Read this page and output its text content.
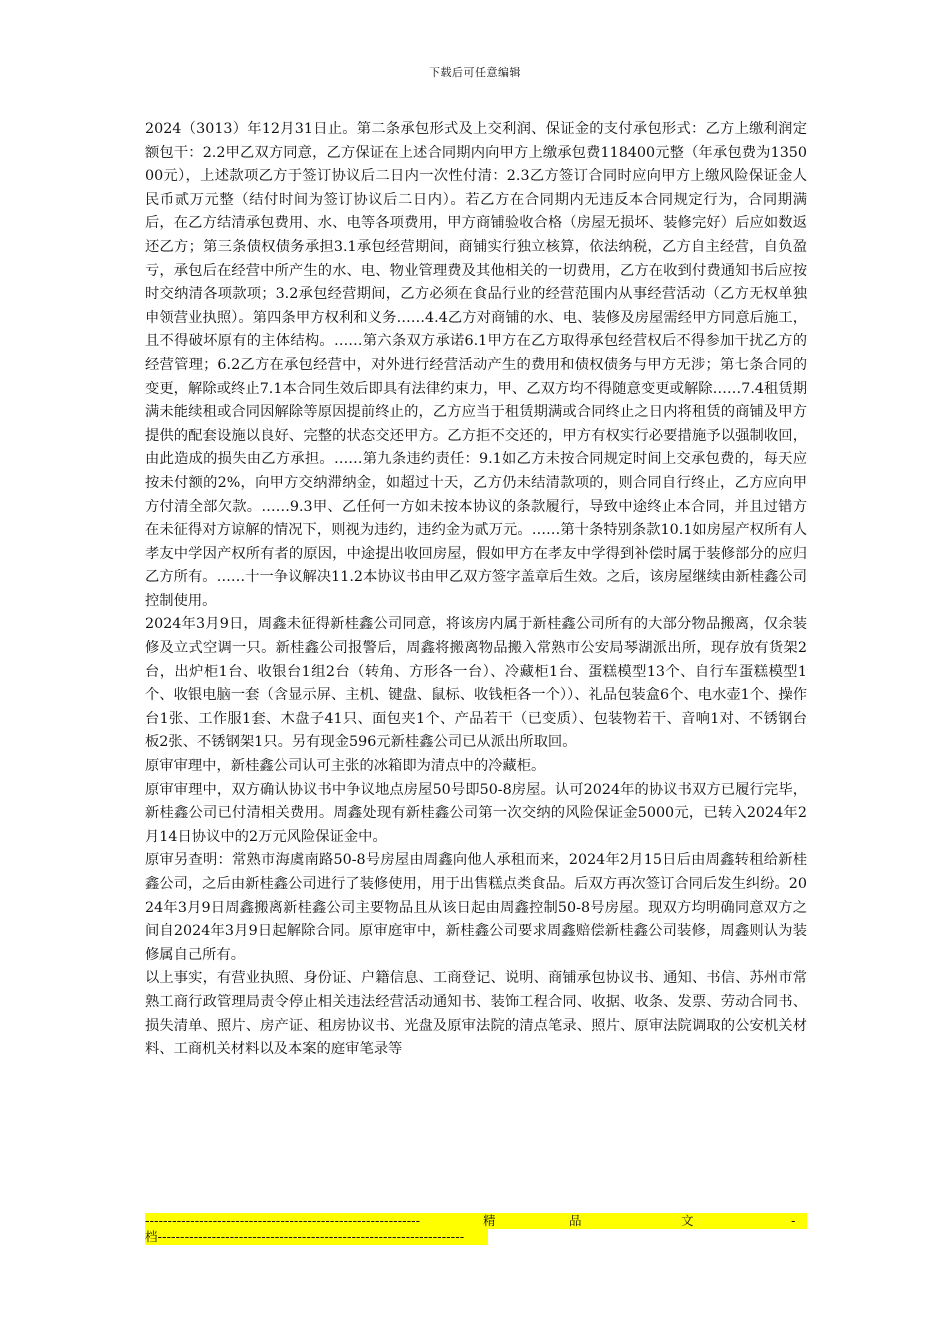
下载后可任意编辑

2024（3013）年12月31日止。第二条承包形式及上交利润、保证金的支付承包形式：乙方上缴利润定额包干：2.2甲乙双方同意，乙方保证在上述合同期内向甲方上缴承包费118400元整（年承包费为135000元），上述款项乙方于签订协议后二日内一次性付清：2.3乙方签订合同时应向甲方上缴风险保证金人民币贰万元整（结付时间为签订协议后二日内）。若乙方在合同期内无违反本合同规定行为，合同期满后，在乙方结清承包费用、水、电等各项费用，甲方商铺验收合格（房屋无损坏、装修完好）后应如数返还乙方；第三条债权债务承担3.1承包经营期间，商铺实行独立核算，依法纳税，乙方自主经营，自负盈亏，承包后在经营中所产生的水、电、物业管理费及其他相关的一切费用，乙方在收到付费通知书后应按时交纳清各项款项；3.2承包经营期间，乙方必须在食品行业的经营范围内从事经营活动（乙方无权单独申领营业执照）。第四条甲方权利和义务……4.4乙方对商铺的水、电、装修及房屋需经甲方同意后施工，且不得破坏原有的主体结构。……第六条双方承诺6.1甲方在乙方取得承包经营权后不得参加干扰乙方的经营管理；6.2乙方在承包经营中，对外进行经营活动产生的费用和债权债务与甲方无涉；第七条合同的变更，解除或终止7.1本合同生效后即具有法律约束力，甲、乙双方均不得随意变更或解除……7.4租赁期满未能续租或合同因解除等原因提前终止的，乙方应当于租赁期满或合同终止之日内将租赁的商铺及甲方提供的配套设施以良好、完整的状态交还甲方。乙方拒不交还的，甲方有权实行必要措施予以强制收回，由此造成的损失由乙方承担。……第九条违约责任：9.1如乙方未按合同规定时间上交承包费的，每天应按未付额的2%，向甲方交纳滞纳金，如超过十天，乙方仍未结清款项的，则合同自行终止，乙方应向甲方付清全部欠款。……9.3甲、乙任何一方如未按本协议的条款履行，导致中途终止本合同，并且过错方在未征得对方谅解的情况下，则视为违约，违约金为贰万元。……第十条特别条款10.1如房屋产权所有人孝友中学因产权所有者的原因，中途提出收回房屋，假如甲方在孝友中学得到补偿时属于装修部分的应归乙方所有。……十一争议解决11.2本协议书由甲乙双方签字盖章后生效。之后，该房屋继续由新桂鑫公司控制使用。

2024年3月9日，周鑫未征得新桂鑫公司同意，将该房内属于新桂鑫公司所有的大部分物品搬离，仅余装修及立式空调一只。新桂鑫公司报警后，周鑫将搬离物品搬入常熟市公安局琴湖派出所，现存放有货架2台，出炉柜1台、收银台1组2台（转角、方形各一台）、冷藏柜1台、蛋糕模型13个、自行车蛋糕模型1个、收银电脑一套（含显示屏、主机、键盘、鼠标、收钱柜各一个））、礼品包装盒6个、电水壶1个、操作台1张、工作服1套、木盘子41只、面包夹1个、产品若干（已变质）、包装物若干、音响1对、不锈钢台板2张、不锈钢架1只。另有现金596元新桂鑫公司已从派出所取回。

原审审理中，新桂鑫公司认可主张的冰箱即为清点中的冷藏柜。

原审审理中，双方确认协议书中争议地点房屋50号即50-8房屋。认可2024年的协议书双方已履行完毕，新桂鑫公司已付清相关费用。周鑫处现有新桂鑫公司第一次交纳的风险保证金5000元，已转入2024年2月14日协议中的2万元风险保证金中。

原审另查明：常熟市海虞南路50-8号房屋由周鑫向他人承租而来，2024年2月15日后由周鑫转租给新桂鑫公司，之后由新桂鑫公司进行了装修使用，用于出售糕点类食品。后双方再次签订合同后发生纠纷。2024年3月9日周鑫搬离新桂鑫公司主要物品且从该日起由周鑫控制50-8号房屋。现双方均明确同意双方之间自2024年3月9日起解除合同。原审庭审中，新桂鑫公司要求周鑫赔偿新桂鑫公司装修，周鑫则认为装修属自己所有。

以上事实，有营业执照、身份证、户籍信息、工商登记、说明、商铺承包协议书、通知、书信、苏州市常熟工商行政管理局责令停止相关违法经营活动通知书、装饰工程合同、收据、收条、发票、劳动合同书、损失清单、照片、房产证、租房协议书、光盘及原审法院的清点笔录、照片、原审法院调取的公安机关材料、工商机关材料以及本案的庭审笔录等

-------------------------------------------------------------	精	品	文	-
档--------------------------------------------------------------------
